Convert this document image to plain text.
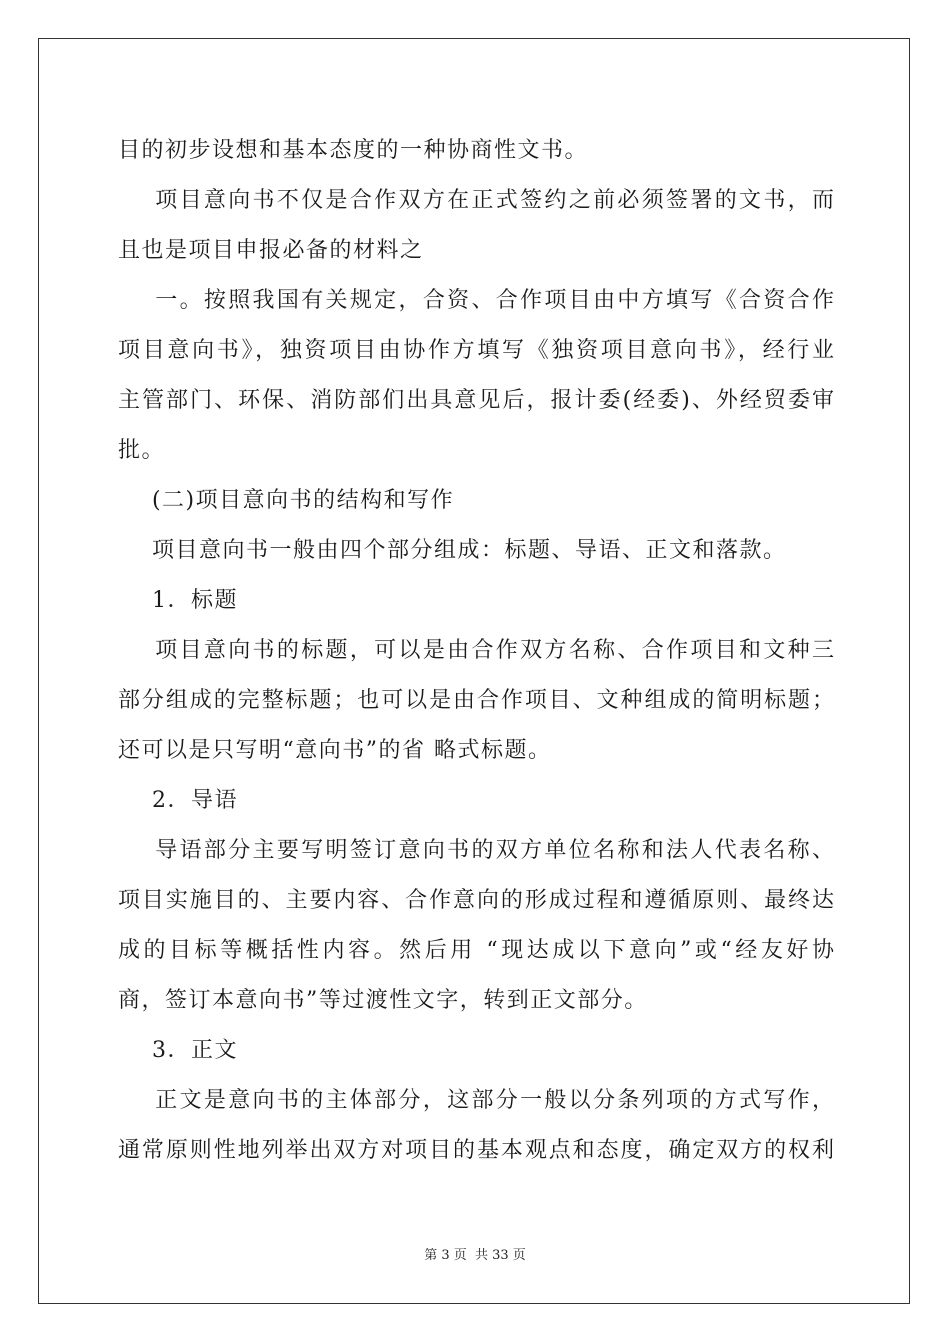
目的初步设想和基本态度的一种协商性文书。
项目意向书不仅是合作双方在正式签约之前必须签署的文书，而
且也是项目申报必备的材料之
一。按照我国有关规定，合资、合作项目由中方填写《合资合作
项目意向书》，独资项目由协作方填写《独资项目意向书》，经行业
主管部门、环保、消防部们出具意见后，报计委(经委)、外经贸委审
批。
(二)项目意向书的结构和写作
项目意向书一般由四个部分组成：标题、导语、正文和落款。
1．标题
项目意向书的标题，可以是由合作双方名称、合作项目和文种三
部分组成的完整标题；也可以是由合作项目、文种组成的简明标题；
还可以是只写明“意向书”的省 略式标题。
2．导语
导语部分主要写明签订意向书的双方单位名称和法人代表名称、
项目实施目的、主要内容、合作意向的形成过程和遵循原则、最终达
成的目标等概括性内容。然后用 “现达成以下意向”或“经友好协
商，签订本意向书”等过渡性文字，转到正文部分。
3．正文
正文是意向书的主体部分，这部分一般以分条列项的方式写作，
通常原则性地列举出双方对项目的基本观点和态度，确定双方的权利
第 3 页  共 33 页
